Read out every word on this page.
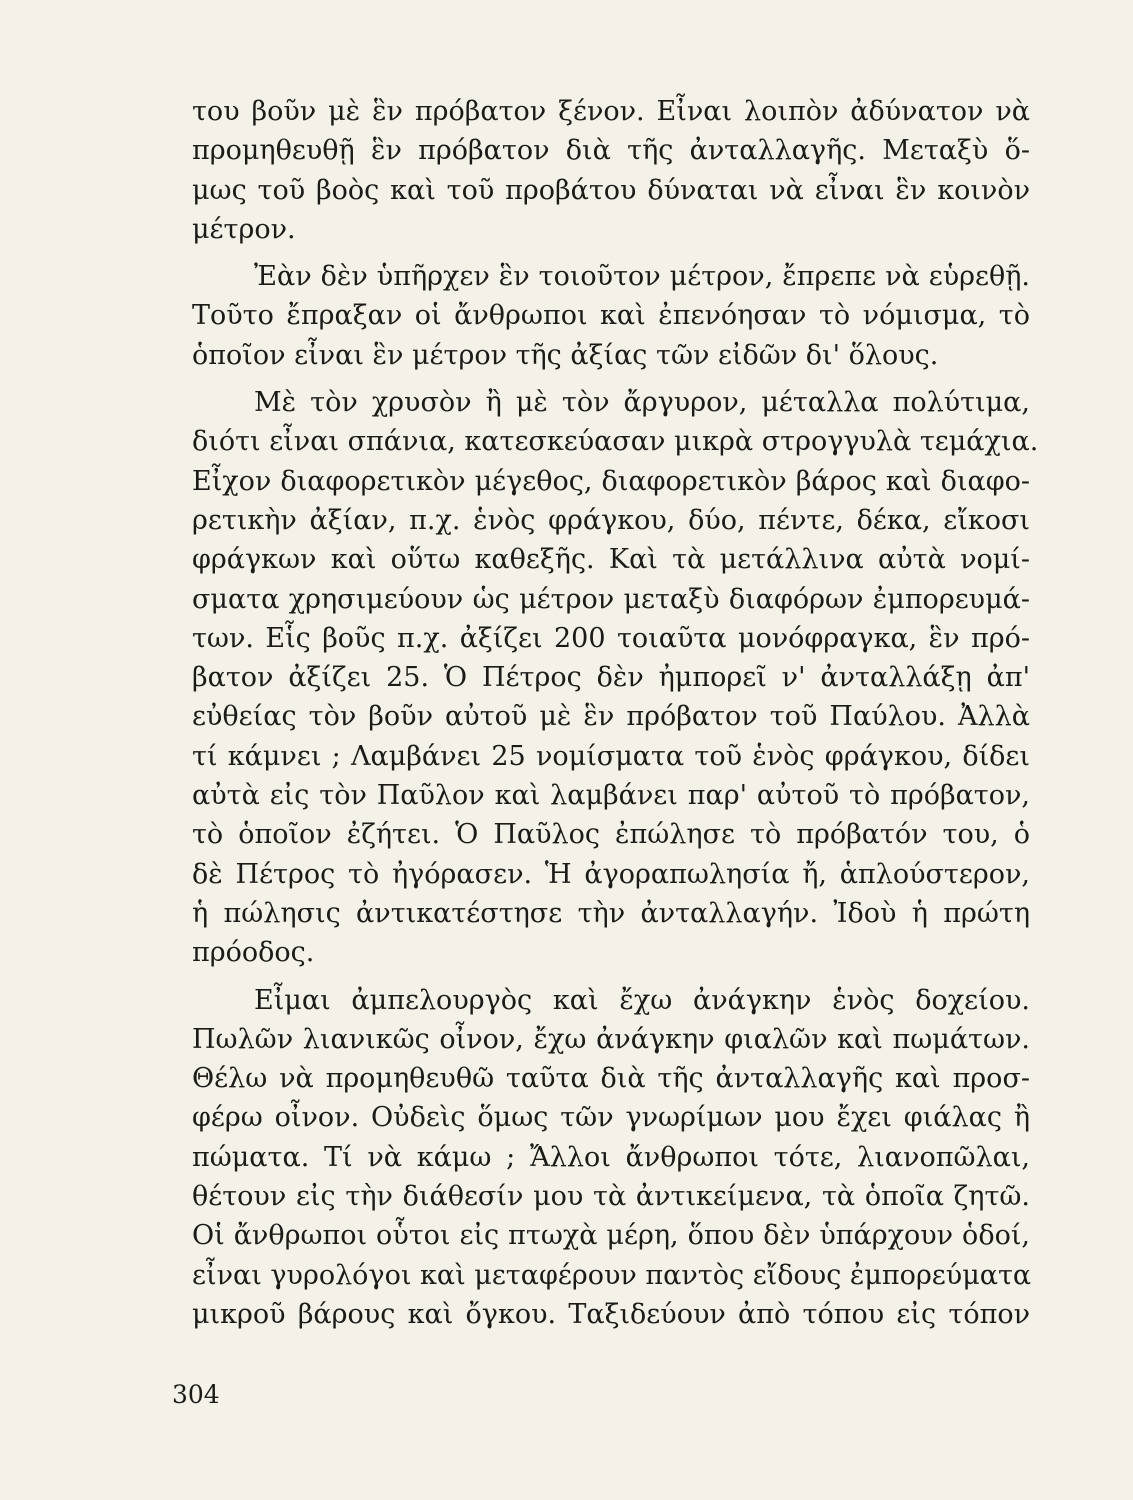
του βοῦν μὲ ἓν πρόβατον ξένον. Εἶναι λοιπὸν ἀδύνατον νὰ
προμηθευθῇ ἓν πρόβατον διὰ τῆς ἀνταλλαγῆς. Μεταξὺ ὅ-
μως τοῦ βοὸς καὶ τοῦ προβάτου δύναται νὰ εἶναι ἓν κοινὸν
μέτρον.
Ἐὰν δὲν ὑπῆρχεν ἓν τοιοῦτον μέτρον, ἔπρεπε νὰ εὑρεθῇ.
Τοῦτο ἔπραξαν οἱ ἄνθρωποι καὶ ἐπενόησαν τὸ νόμισμα, τὸ
ὁποῖον εἶναι ἓν μέτρον τῆς ἀξίας τῶν εἰδῶν δι' ὅλους.
Μὲ τὸν χρυσὸν ἢ μὲ τὸν ἄργυρον, μέταλλα πολύτιμα,
διότι εἶναι σπάνια, κατεσκεύασαν μικρὰ στρογγυλὰ τεμάχια.
Εἶχον διαφορετικὸν μέγεθος, διαφορετικὸν βάρος καὶ διαφο-
ρετικὴν ἀξίαν, π.χ. ἑνὸς φράγκου, δύο, πέντε, δέκα, εἴκοσι
φράγκων καὶ οὕτω καθεξῆς. Καὶ τὰ μετάλλινα αὐτὰ νομί-
σματα χρησιμεύουν ὡς μέτρον μεταξὺ διαφόρων ἐμπορευμά-
των. Εἷς βοῦς π.χ. ἀξίζει 200 τοιαῦτα μονόφραγκα, ἓν πρό-
βατον ἀξίζει 25. Ὁ Πέτρος δὲν ἠμπορεῖ ν' ἀνταλλάξῃ ἀπ'
εὐθείας τὸν βοῦν αὐτοῦ μὲ ἓν πρόβατον τοῦ Παύλου. Ἀλλὰ
τί κάμνει ; Λαμβάνει 25 νομίσματα τοῦ ἑνὸς φράγκου, δίδει
αὐτὰ εἰς τὸν Παῦλον καὶ λαμβάνει παρ' αὐτοῦ τὸ πρόβατον,
τὸ ὁποῖον ἐζήτει. Ὁ Παῦλος ἐπώλησε τὸ πρόβατόν του, ὁ
δὲ Πέτρος τὸ ἠγόρασεν. Ἡ ἀγοραπωλησία ἤ, ἁπλούστερον,
ἡ πώλησις ἀντικατέστησε τὴν ἀνταλλαγήν. Ἰδοὺ ἡ πρώτη
πρόοδος.
Εἶμαι ἀμπελουργὸς καὶ ἔχω ἀνάγκην ἑνὸς δοχείου.
Πωλῶν λιανικῶς οἶνον, ἔχω ἀνάγκην φιαλῶν καὶ πωμάτων.
Θέλω νὰ προμηθευθῶ ταῦτα διὰ τῆς ἀνταλλαγῆς καὶ προσ-
φέρω οἶνον. Οὐδεὶς ὅμως τῶν γνωρίμων μου ἔχει φιάλας ἢ
πώματα. Τί νὰ κάμω ; Ἄλλοι ἄνθρωποι τότε, λιανοπῶλαι,
θέτουν εἰς τὴν διάθεσίν μου τὰ ἀντικείμενα, τὰ ὁποῖα ζητῶ.
Οἱ ἄνθρωποι οὗτοι εἰς πτωχὰ μέρη, ὅπου δὲν ὑπάρχουν ὁδοί,
εἶναι γυρολόγοι καὶ μεταφέρουν παντὸς εἴδους ἐμπορεύματα
μικροῦ βάρους καὶ ὄγκου. Ταξιδεύουν ἀπὸ τόπου εἰς τόπον
304
